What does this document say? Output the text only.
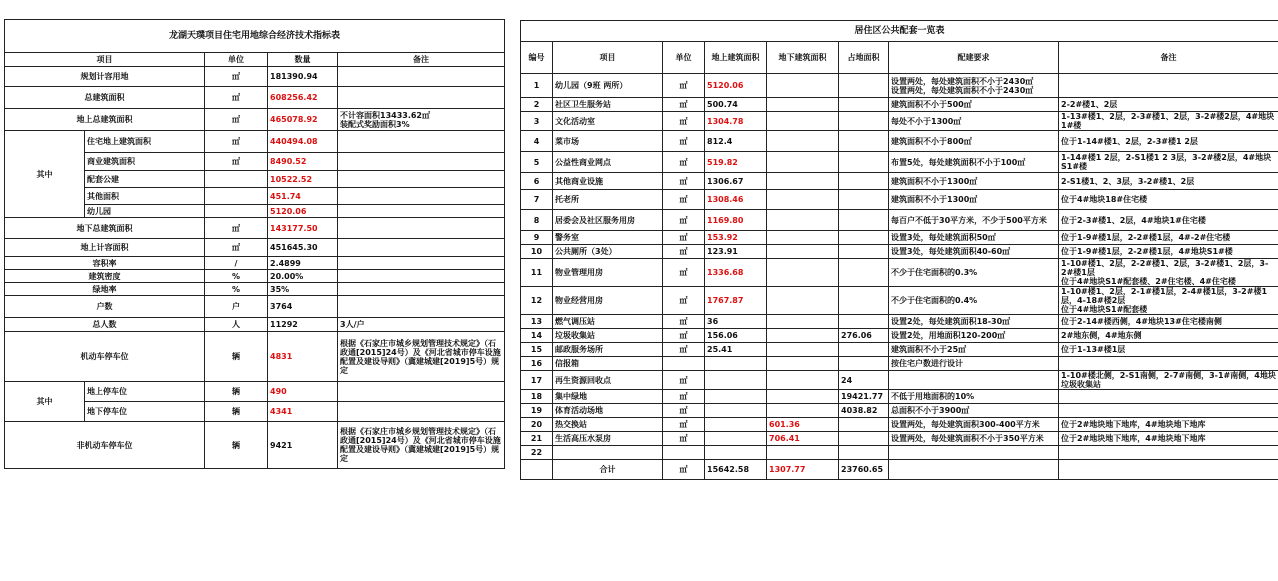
龙湖天璞项目住宅用地综合经济技术指标表				
项目		单位	数量	备注
规划计容用地		㎡	181390.94	
总建筑面积		㎡	608256.42	
地上总建筑面积		㎡	465078.92	不计容面积13433.62㎡
装配式奖励面积3%
其中	住宅地上建筑面积	㎡	440494.08	
	商业建筑面积	㎡	8490.52	
	配套公建		10522.52	
	其他面积		451.74	
	幼儿园		5120.06	
地下总建筑面积		㎡	143177.50	
地上计容面积		㎡	451645.30	
容积率		/	2.4899	
建筑密度		%	20.00%	
绿地率		%	35%	
户数		户	3764	
总人数		人	11292	3人/户
机动车停车位		辆	4831	根据《石家庄市城乡规划管理技术规定》（石政通[2015]24号）及《河北省城市停车设施配置及建设导则》（冀建城建[2019]5号）规定
其中	地上停车位	辆	490	
	地下停车位	辆	4341	
非机动车停车位		辆	9421	根据《石家庄市城乡规划管理技术规定》（石政通[2015]24号）及《河北省城市停车设施配置及建设导则》（冀建城建[2019]5号）规定
居住区公共配套一览表							
编号	项目	单位	地上建筑面积	地下建筑面积	占地面积	配建要求	备注
1	幼儿园（9班 两所）	㎡	5120.06			设置两处，每处建筑面积不小于2430㎡
设置两处，每处建筑面积不小于2430㎡	
2	社区卫生服务站	㎡	500.74			建筑面积不小于500㎡	2-2#楼1、2层
3	文化活动室	㎡	1304.78			每处不小于1300㎡	1-13#楼1、2层，2-3#楼1、2层，3-2#楼2层，4#地块1#楼
4	菜市场	㎡	812.4			建筑面积不小于800㎡	位于1-14#楼1、2层，2-3#楼1 2层
5	公益性商业网点	㎡	519.82			布置5处，每处建筑面积不小于100㎡	1-14#楼1 2层，2-S1楼1 2 3层，3-2#楼2层，4#地块S1#楼
6	其他商业设施	㎡	1306.67			建筑面积不小于1300㎡	2-S1楼1、2、3层，3-2#楼1、2层
7	托老所	㎡	1308.46			建筑面积不小于1300㎡	位于4#地块18#住宅楼
8	居委会及社区服务用房	㎡	1169.80			每百户不低于30平方米，不少于500平方米	位于2-3#楼1、2层，4#地块1#住宅楼
9	警务室	㎡	153.92			设置3处，每处建筑面积50㎡	位于1-9#楼1层，2-2#楼1层，4#-2#住宅楼
10	公共厕所（3处）	㎡	123.91			设置3处，每处建筑面积40-60㎡	位于1-9#楼1层，2-2#楼1层，4#地块S1#楼
11	物业管理用房	㎡	1336.68			不少于住宅面积的0.3%	1-10#楼1、2层，2-2#楼1、2层，3-2#楼1、2层，3-2#楼1层
位于4#地块S1#配套楼、2#住宅楼、4#住宅楼
12	物业经营用房	㎡	1767.87			不少于住宅面积的0.4%	1-10#楼1、2层，2-1#楼1层，2-4#楼1层，3-2#楼1层，4-18#楼2层
位于4#地块S1#配套楼
13	燃气调压站	㎡	36			设置2处，每处建筑面积18-30㎡	位于2-14#楼西侧，4#地块13#住宅楼南侧
14	垃圾收集站	㎡	156.06		276.06	设置2处，用地面积120-200㎡	2#地东侧，4#地东侧
15	邮政服务场所	㎡	25.41			建筑面积不小于25㎡	位于1-13#楼1层
16	信报箱					按住宅户数进行设计	
17	再生资源回收点	㎡			24		1-10#楼北侧，2-S1南侧，2-7#南侧，3-1#南侧，4地块垃圾收集站
18	集中绿地	㎡			19421.77	不低于用地面积的10%	
19	体育活动场地	㎡			4038.82	总面积不小于3900㎡	
20	热交换站	㎡		601.36		设置两处，每处建筑面积300-400平方米	位于2#地块地下地库，4#地块地下地库
21	生活高压水泵房	㎡		706.41		设置两处，每处建筑面积不小于350平方米	位于2#地块地下地库，4#地块地下地库
22							
	合计	㎡	15642.58	1307.77	23760.65		
